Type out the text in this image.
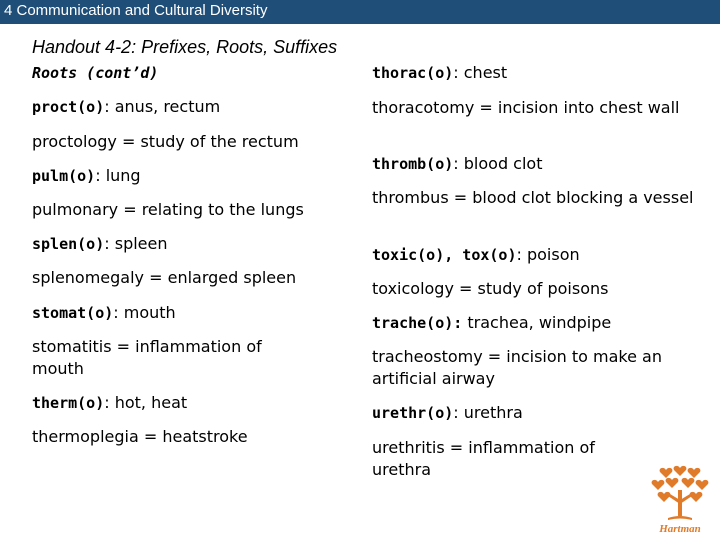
4 Communication and Cultural Diversity
Handout 4-2: Prefixes, Roots, Suffixes
Roots (cont’d)
proct(o): anus, rectum
proctology = study of the rectum
pulm(o): lung
pulmonary = relating to the lungs
splen(o): spleen
splenomegaly = enlarged spleen
stomat(o): mouth
stomatitis = inflammation of mouth
therm(o): hot, heat
thermoplegia = heatstroke
thorac(o): chest
thoracotomy = incision into chest wall
thromb(o): blood clot
thrombus = blood clot blocking a vessel
toxic(o), tox(o): poison
toxicology = study of poisons
trache(o): trachea, windpipe
tracheostomy = incision to make an artificial airway
urethr(o): urethra
urethritis = inflammation of urethra
Hartman
